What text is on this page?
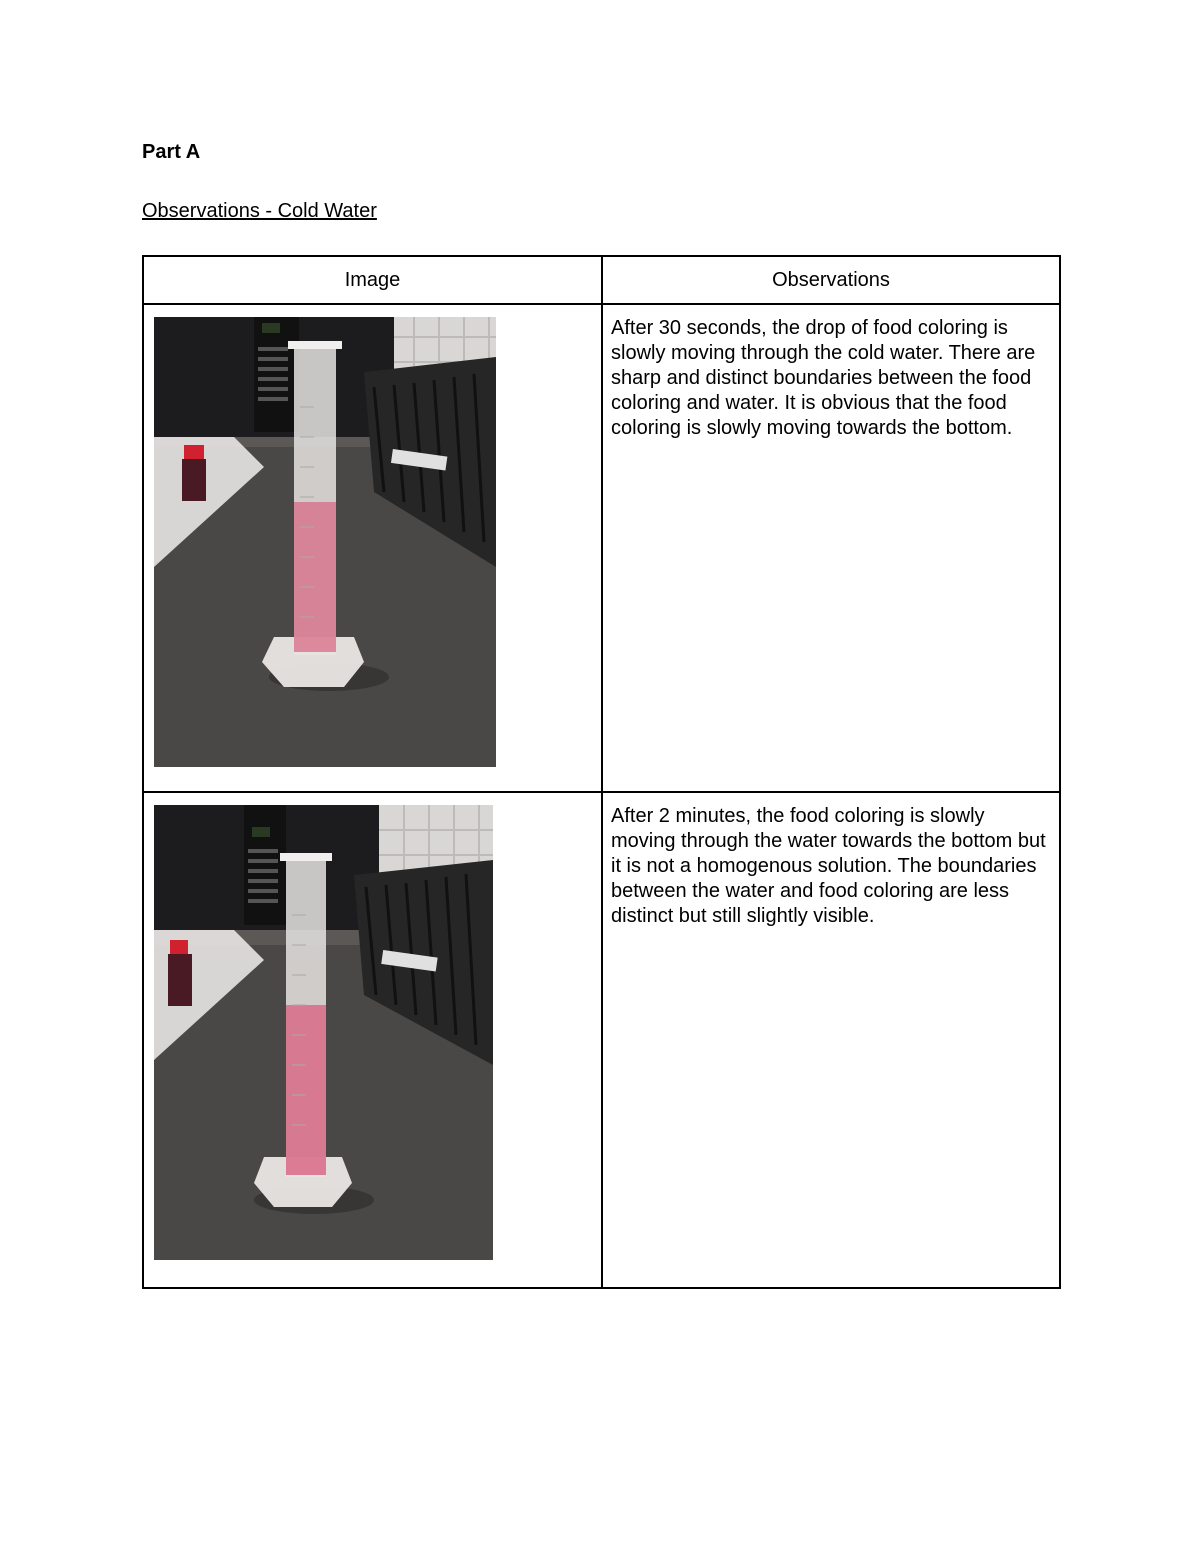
Part A
Observations - Cold Water
Image	Observations

	After 30 seconds, the drop of food coloring is slowly moving through the cold water. There are sharp and distinct boundaries between the food coloring and water. It is obvious that the food coloring is slowly moving towards the bottom.

	After 2 minutes, the food coloring is slowly moving through the water towards the bottom but it is not a homogenous solution. The boundaries between the water and food coloring are less distinct but still slightly visible.
